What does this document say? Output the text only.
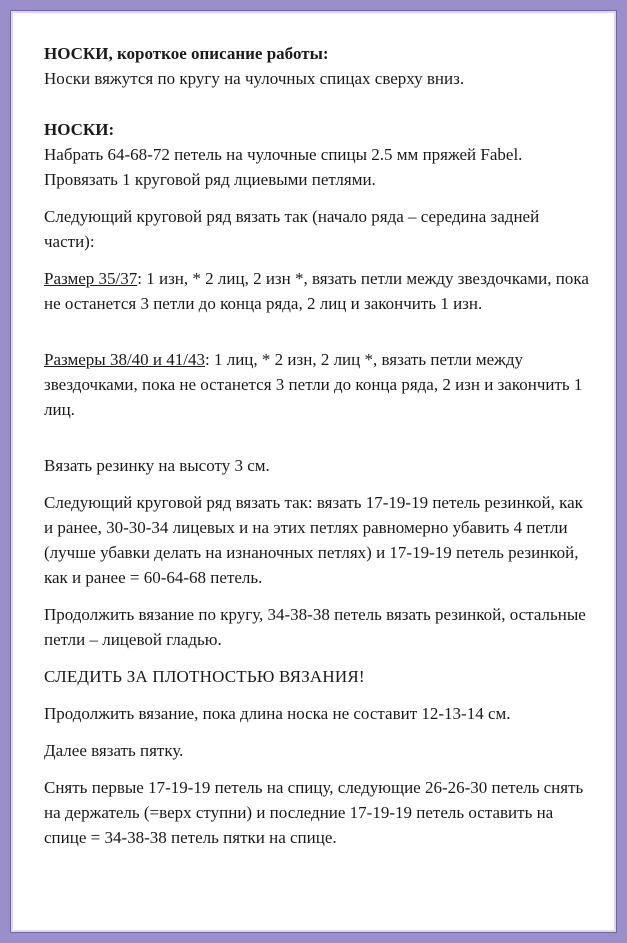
НОСКИ, короткое описание работы:
Носки вяжутся по кругу на чулочных спицах сверху вниз.

НОСКИ:
Набрать 64-68-72 петель на чулочные спицы 2.5 мм пряжей Fabel. Провязать 1 круговой ряд лциевыми петлями.

Следующий круговой ряд вязать так (начало ряда – середина задней части):

Размер 35/37: 1 изн, * 2 лиц, 2 изн *, вязать петли между звездочками, пока не останется 3 петли до конца ряда, 2 лиц и закончить 1 изн.

Размеры 38/40 и 41/43: 1 лиц, * 2 изн, 2 лиц *, вязать петли между звездочками, пока не останется 3 петли до конца ряда, 2 изн и закончить 1 лиц.

Вязать резинку на высоту 3 см.

Следующий круговой ряд вязать так: вязать 17-19-19 петель резинкой, как и ранее, 30-30-34 лицевых и на этих петлях равномерно убавить 4 петли (лучше убавки делать на изнаночных петлях) и 17-19-19 петель резинкой, как и ранее = 60-64-68 петель.

Продолжить вязание по кругу, 34-38-38 петель вязать резинкой, остальные петли – лицевой гладью.

СЛЕДИТЬ ЗА ПЛОТНОСТЬЮ ВЯЗАНИЯ!

Продолжить вязание, пока длина носка не составит 12-13-14 см.

Далее вязать пятку.

Снять первые 17-19-19 петель на спицу, следующие 26-26-30 петель снять на держатель (=верх ступни) и последние 17-19-19 петель оставить на спице = 34-38-38 петель пятки на спице.
